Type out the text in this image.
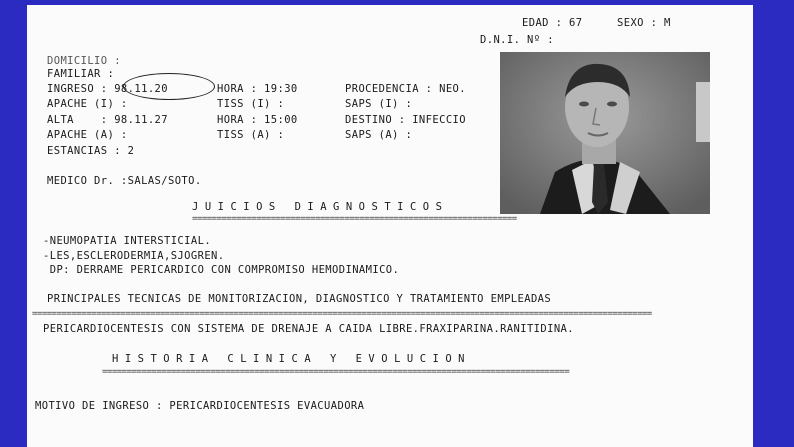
EDAD : 67	SEXO : M
D.N.I. Nº :
DOMICILIO :
FAMILIAR :
INGRESO : 98.11.20	HORA : 19:30	PROCEDENCIA : NEO.
APACHE (I) :	TISS (I) :	SAPS (I) :
ALTA    : 98.11.27	HORA : 15:00	DESTINO : INFECCIO
APACHE (A) :	TISS (A) :	SAPS (A) :
ESTANCIAS : 2
MEDICO Dr. :SALAS/SOTO.
JUICIOS DIAGNOSTICOS
==================================================================
-NEUMOPATIA INTERSTICIAL.
-LES,ESCLERODERMIA,SJOGREN.
DP: DERRAME PERICARDICO CON COMPROMISO HEMODINAMICO.
PRINCIPALES TECNICAS DE MONITORIZACION, DIAGNOSTICO Y TRATAMIENTO EMPLEADAS
==============================================================================================================================
PERICARDIOCENTESIS CON SISTEMA DE DRENAJE A CAIDA LIBRE.FRAXIPARINA.RANITIDINA.
HISTORIA CLINICA Y EVOLUCION
===============================================================================================
MOTIVO DE INGRESO : PERICARDIOCENTESIS EVACUADORA
